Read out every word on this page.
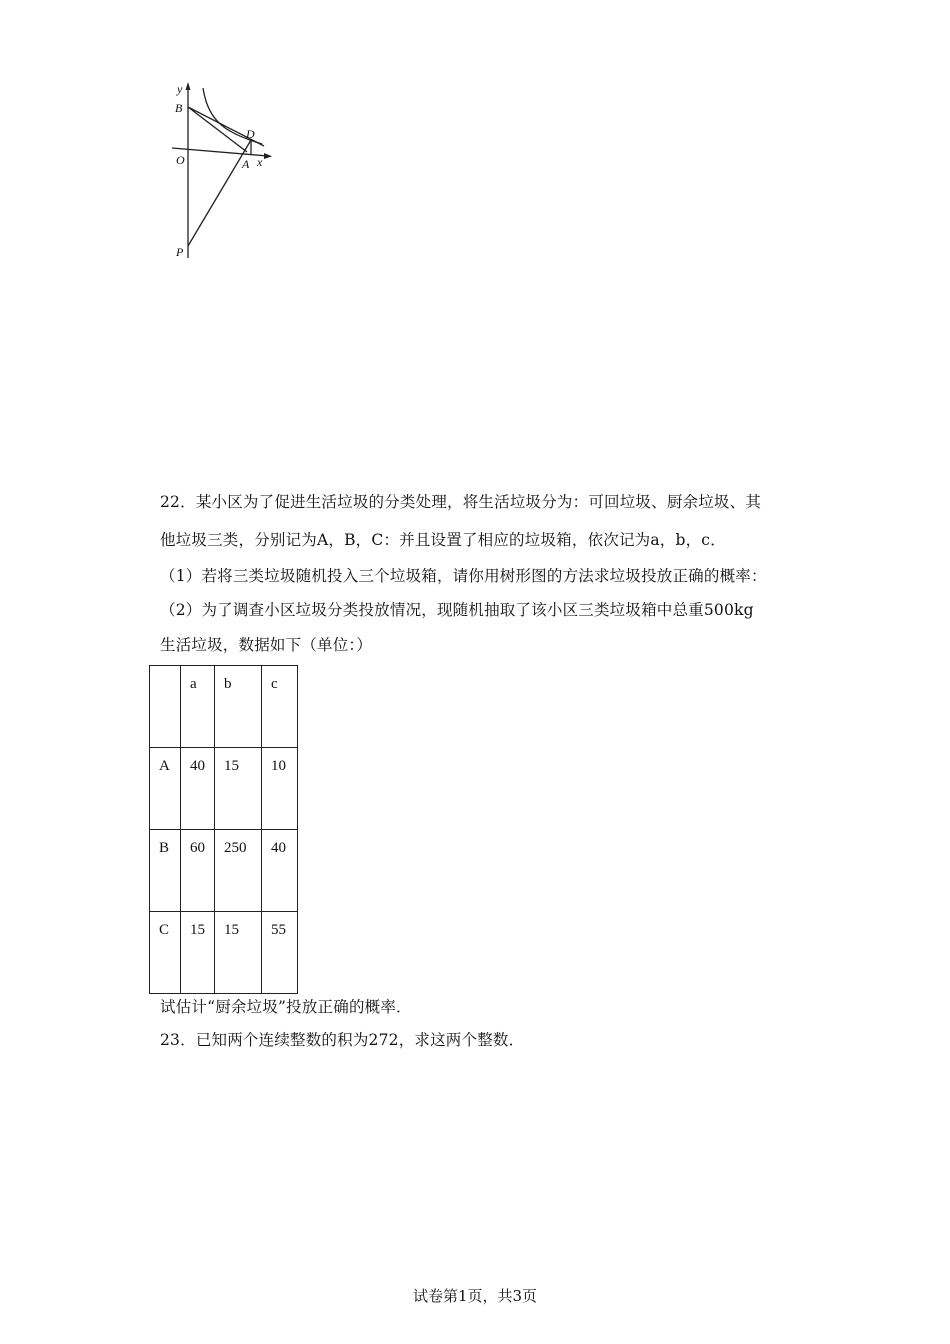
y
B
D
O	A x
P
22．某小区为了促进生活垃圾的分类处理，将生活垃圾分为：可回垃圾、厨余垃圾、其
他垃圾三类，分别记为A，B，C：并且设置了相应的垃圾箱，依次记为a，b，c．
（1）若将三类垃圾随机投入三个垃圾箱，请你用树形图的方法求垃圾投放正确的概率：
（2）为了调查小区垃圾分类投放情况，现随机抽取了该小区三类垃圾箱中总重500kg
生活垃圾，数据如下（单位：）

	a	b	c

A	40	15	10

B	60	250	40

C	15	15	55
试估计“厨余垃圾”投放正确的概率．
23．已知两个连续整数的积为272，求这两个整数．
试卷第1页，共3页
